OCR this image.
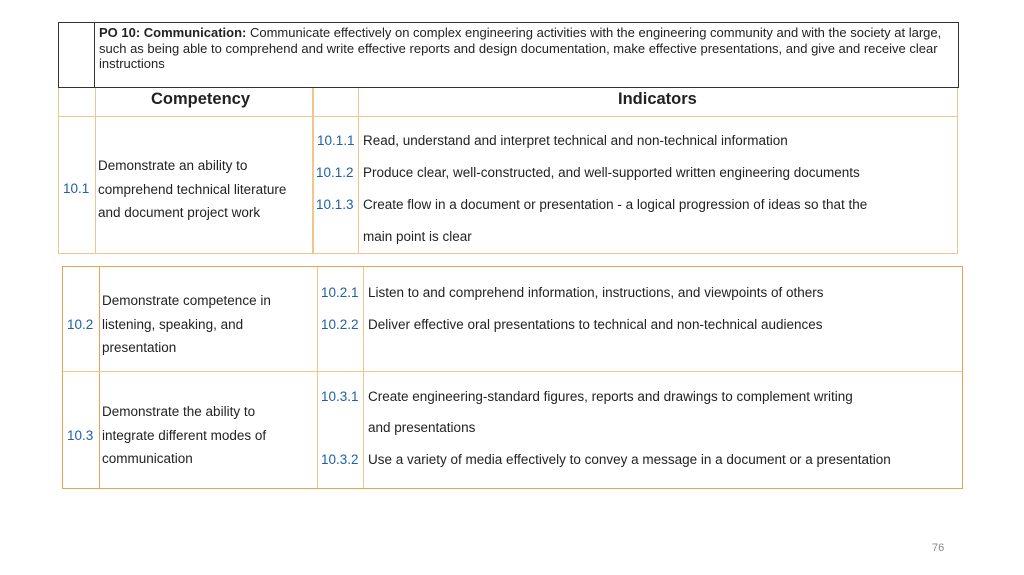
PO 10: Communication: Communicate effectively on complex engineering activities with the engineering community and with the society at large, such as being able to comprehend and write effective reports and design documentation, make effective presentations, and give and receive clear instructions
Competency	Indicators
10.1
Demonstrate an ability to
comprehend technical literature
and document project work
10.1.1 Read, understand and interpret technical and non-technical information
10.1.2 Produce clear, well-constructed, and well-supported written engineering documents
10.1.3 Create flow in a document or presentation - a logical progression of ideas so that the
main point is clear
10.2
Demonstrate competence in
listening, speaking, and
presentation
10.2.1 Listen to and comprehend information, instructions, and viewpoints of others
10.2.2 Deliver effective oral presentations to technical and non-technical audiences
10.3
Demonstrate the ability to
integrate different modes of
communication
10.3.1 Create engineering-standard figures, reports and drawings to complement writing
and presentations
10.3.2 Use a variety of media effectively to convey a message in a document or a presentation
76
